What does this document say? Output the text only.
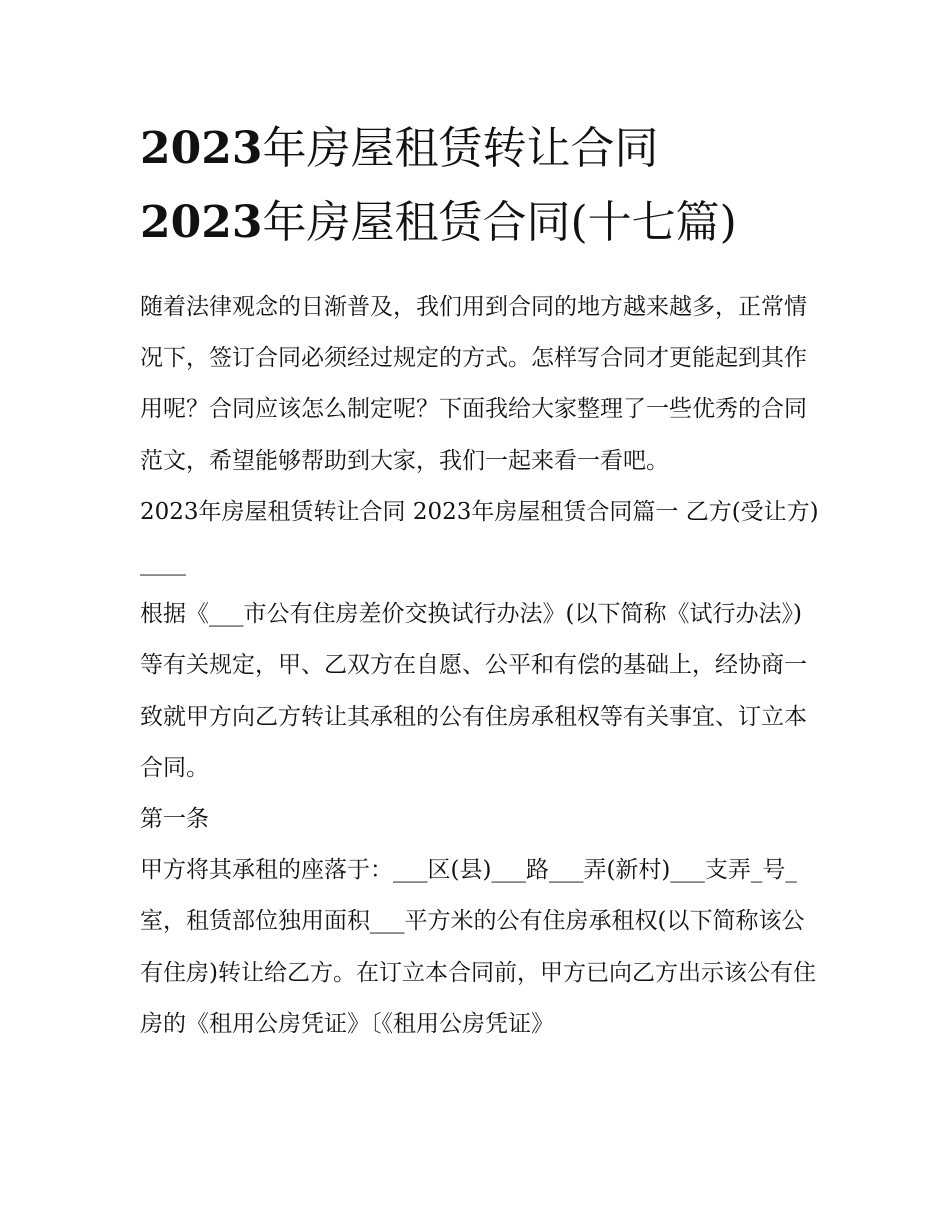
2023年房屋租赁转让合同
2023年房屋租赁合同(十七篇)

随着法律观念的日渐普及，我们用到合同的地方越来越多，正常情况下，签订合同必须经过规定的方式。怎样写合同才更能起到其作用呢？合同应该怎么制定呢？下面我给大家整理了一些优秀的合同范文，希望能够帮助到大家，我们一起来看一看吧。

2023年房屋租赁转让合同 2023年房屋租赁合同篇一 乙方(受让方)____

根据《___市公有住房差价交换试行办法》(以下简称《试行办法》)等有关规定，甲、乙双方在自愿、公平和有偿的基础上，经协商一致就甲方向乙方转让其承租的公有住房承租权等有关事宜、订立本合同。

第一条

甲方将其承租的座落于：___区(县)___路___弄(新村)___支弄_号_室，租赁部位独用面积___平方米的公有住房承租权(以下简称该公有住房)转让给乙方。在订立本合同前，甲方已向乙方出示该公有住房的《租用公房凭证》〔《租用公房凭证》
